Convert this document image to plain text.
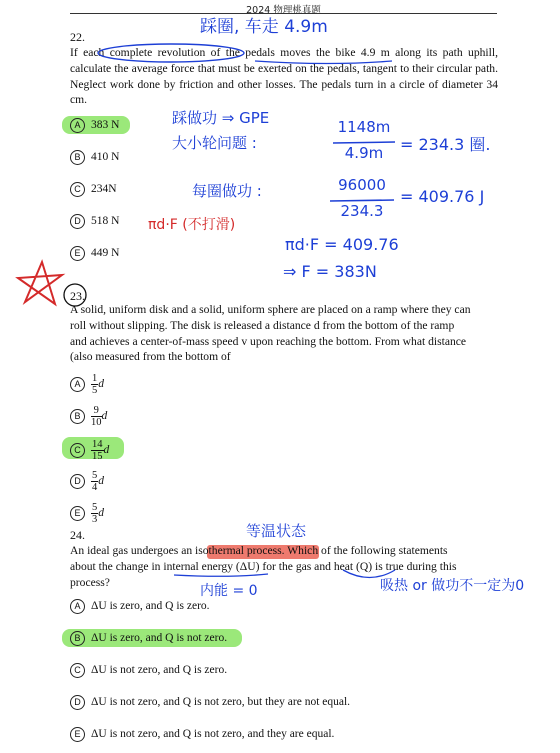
2024 物理桃真题
22.
If each complete revolution of the pedals moves the bike 4.9 m along its path uphill, calculate the average force that must be exerted on the pedals, tangent to their circular path. Neglect work done by friction and other losses. The pedals turn in a circle of diameter 34 cm.
A 383 N
B 410 N
C 234N
D 518 N
E 449 N
踩圈, 车走 4.9m
踩做功 ⇒ GPE
大小轮问题 :
1148m
4.9m	= 234.3 圈.
每圈做功 :	96000
234.3
= 409.76 J
πd·F (不打滑)
πd·F = 409.76
⇒ F = 383N
23.
A solid, uniform disk and a solid, uniform sphere are placed on a ramp where they can
roll without slipping. The disk is released a distance d from the bottom of the ramp
and achieves a center-of-mass speed v upon reaching the bottom. From what distance
(also measured from the bottom of
A $\frac{1}{5}$ d
B $\frac{9}{10}$ d
C $\frac{14}{15}$ d
D $\frac{5}{4}$ d
E $\frac{5}{3}$ d
24.
An ideal gas undergoes an isothermal process. Which of the following statements
about the change in internal energy (ΔU) for the gas and heat (Q) is true during this
process?
A ΔU is zero, and Q is zero.
B ΔU is zero, and Q is not zero.
C ΔU is not zero, and Q is zero.
D ΔU is not zero, and Q is not zero, but they are not equal.
E ΔU is not zero, and Q is not zero, and they are equal.
等温状态
内能 = 0	吸热 or 做功不一定为0
